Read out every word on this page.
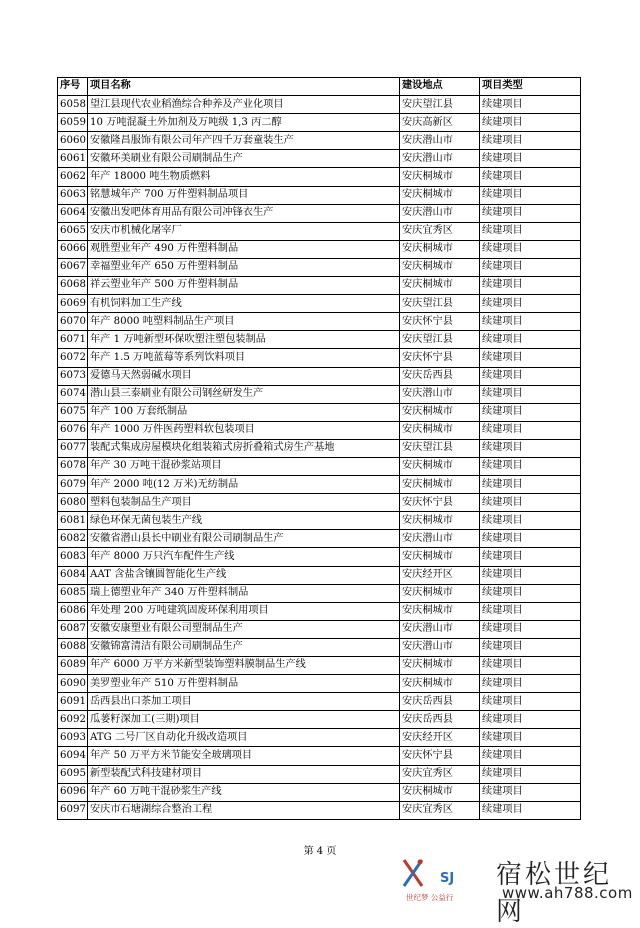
序号	项目名称	建设地点	项目类型
6058	望江县现代农业稻渔综合种养及产业化项目	安庆望江县	续建项目
6059	10 万吨混凝土外加剂及万吨级 1,3 丙二醇	安庆高新区	续建项目
6060	安徽隆昌服饰有限公司年产四千万套童装生产	安庆潜山市	续建项目
6061	安徽环美刷业有限公司刷制品生产	安庆潜山市	续建项目
6062	年产 18000 吨生物质燃料	安庆桐城市	续建项目
6063	铭慧城年产 700 万件塑料制品项目	安庆桐城市	续建项目
6064	安徽出发吧体育用品有限公司冲锋衣生产	安庆潜山市	续建项目
6065	安庆市机械化屠宰厂	安庆宜秀区	续建项目
6066	观胜塑业年产 490 万件塑料制品	安庆桐城市	续建项目
6067	幸福塑业年产 650 万件塑料制品	安庆桐城市	续建项目
6068	祥云塑业年产 500 万件塑料制品	安庆桐城市	续建项目
6069	有机饲料加工生产线	安庆望江县	续建项目
6070	年产 8000 吨塑料制品生产项目	安庆怀宁县	续建项目
6071	年产 1 万吨新型环保吹塑注塑包装制品	安庆望江县	续建项目
6072	年产 1.5 万吨蓝莓等系列饮料项目	安庆怀宁县	续建项目
6073	爱德马天然弱碱水项目	安庆岳西县	续建项目
6074	潜山县三泰刷业有限公司钢丝研发生产	安庆潜山市	续建项目
6075	年产 100 万套纸制品	安庆桐城市	续建项目
6076	年产 1000 万件医药塑料软包装项目	安庆桐城市	续建项目
6077	装配式集成房屋模块化组装箱式房折叠箱式房生产基地	安庆望江县	续建项目
6078	年产 30 万吨干混砂浆站项目	安庆桐城市	续建项目
6079	年产 2000 吨(12 万米)无纺制品	安庆桐城市	续建项目
6080	塑料包装制品生产项目	安庆怀宁县	续建项目
6081	绿色环保无菌包装生产线	安庆桐城市	续建项目
6082	安徽省潜山县长中刷业有限公司刷制品生产	安庆潜山市	续建项目
6083	年产 8000 万只汽车配件生产线	安庆桐城市	续建项目
6084	AAT 含盐含镶圆智能化生产线	安庆经开区	续建项目
6085	瑞上德塑业年产 340 万件塑料制品	安庆桐城市	续建项目
6086	年处理 200 万吨建筑固废环保利用项目	安庆桐城市	续建项目
6087	安徽安康塑业有限公司塑制品生产	安庆潜山市	续建项目
6088	安徽锦富清洁有限公司刷制品生产	安庆潜山市	续建项目
6089	年产 6000 万平方米新型装饰塑料膜制品生产线	安庆桐城市	续建项目
6090	美罗塑业年产 510 万件塑料制品	安庆桐城市	续建项目
6091	岳西县出口茶加工项目	安庆岳西县	续建项目
6092	瓜蒌籽深加工(三期)项目	安庆岳西县	续建项目
6093	ATG 二号厂区自动化升级改造项目	安庆经开区	续建项目
6094	年产 50 万平方米节能安全玻璃项目	安庆怀宁县	续建项目
6095	新型装配式科技建材项目	安庆宜秀区	续建项目
6096	年产 60 万吨干混砂浆生产线	安庆桐城市	续建项目
6097	安庆市石塘湖综合整治工程	安庆宜秀区	续建项目
第 4 页
SJ
世纪梦 公益行
宿松世纪网
www.ah788.com
